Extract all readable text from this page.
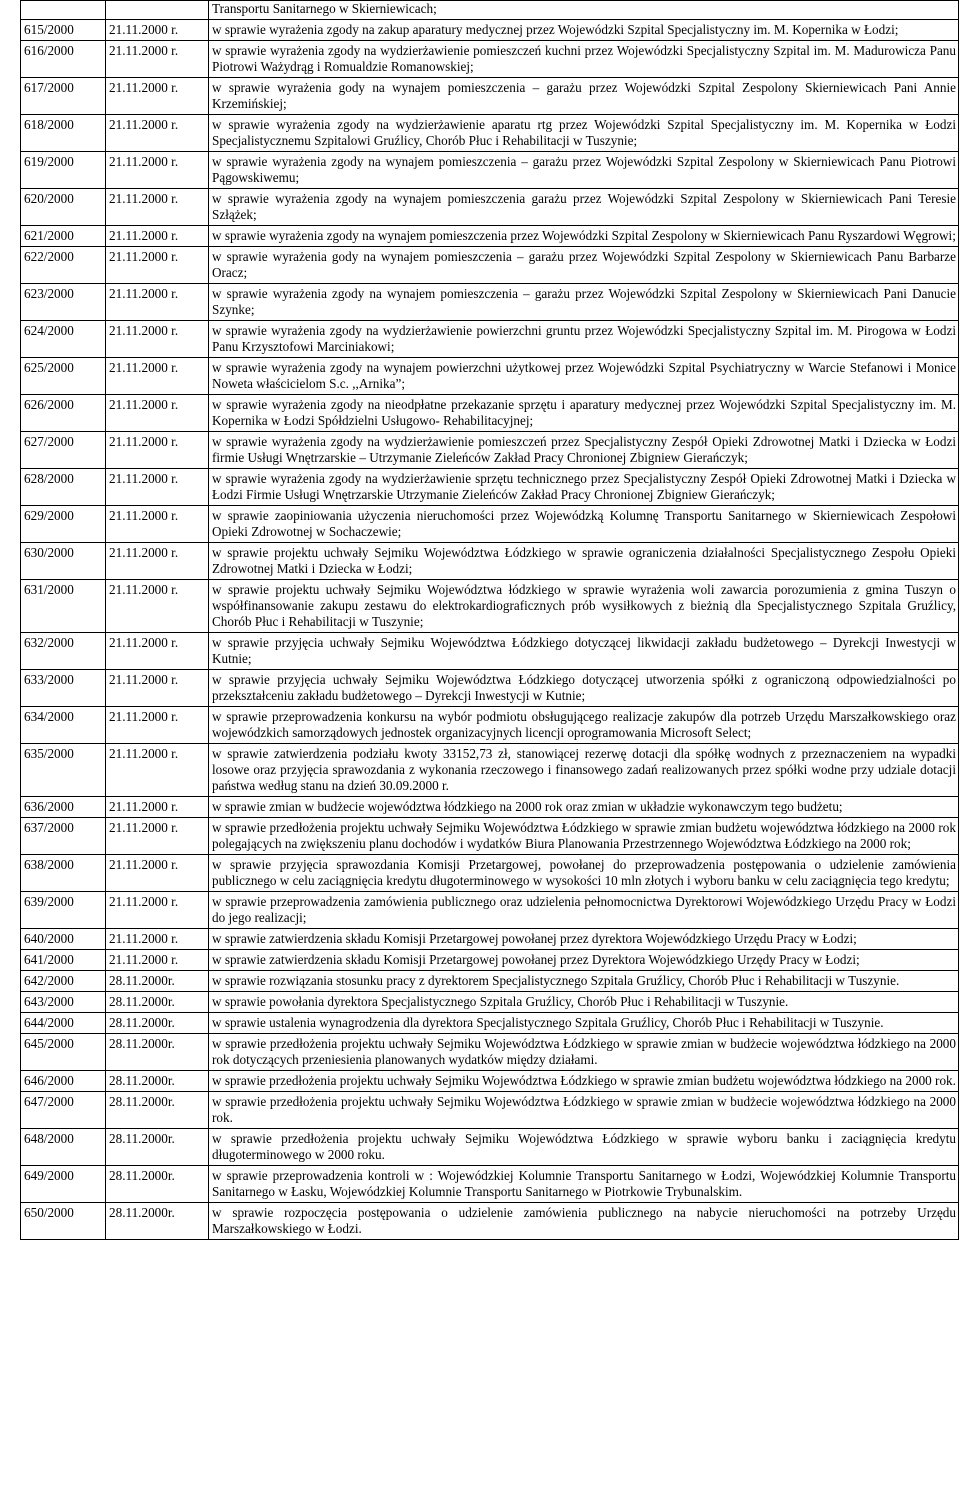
		Transportu Sanitarnego w Skierniewicach;
615/2000	21.11.2000 r.	w sprawie wyrażenia zgody na zakup aparatury medycznej przez Wojewódzki Szpital Specjalistyczny im. M. Kopernika w Łodzi;
616/2000	21.11.2000 r.	w sprawie wyrażenia zgody na wydzierżawienie pomieszczeń kuchni przez Wojewódzki Specjalistyczny Szpital im. M. Madurowicza Panu Piotrowi Ważydrąg i Romualdzie Romanowskiej;
617/2000	21.11.2000 r.	w sprawie wyrażenia gody na wynajem pomieszczenia – garażu przez Wojewódzki Szpital Zespolony Skierniewicach Pani Annie Krzemińskiej;
618/2000	21.11.2000 r.	w sprawie wyrażenia zgody na wydzierżawienie aparatu rtg przez Wojewódzki Szpital Specjalistyczny im. M. Kopernika w Łodzi Specjalistycznemu Szpitalowi Gruźlicy, Chorób Płuc i Rehabilitacji w Tuszynie;
619/2000	21.11.2000 r.	w sprawie wyrażenia zgody na wynajem pomieszczenia – garażu przez Wojewódzki Szpital Zespolony w Skierniewicach Panu Piotrowi Pągowskiwemu;
620/2000	21.11.2000 r.	w sprawie wyrażenia zgody na wynajem pomieszczenia garażu przez Wojewódzki Szpital Zespolony w Skierniewicach Pani Teresie Szłążek;
621/2000	21.11.2000 r.	w sprawie wyrażenia zgody na wynajem pomieszczenia przez Wojewódzki Szpital Zespolony w Skierniewicach Panu Ryszardowi Węgrowi;
622/2000	21.11.2000 r.	w sprawie wyrażenia gody na wynajem pomieszczenia – garażu przez Wojewódzki Szpital Zespolony w Skierniewicach Panu Barbarze Oracz;
623/2000	21.11.2000 r.	w sprawie wyrażenia zgody na wynajem pomieszczenia – garażu przez Wojewódzki Szpital Zespolony w Skierniewicach Pani Danucie Szynke;
624/2000	21.11.2000 r.	w sprawie wyrażenia zgody na wydzierżawienie powierzchni gruntu przez Wojewódzki Specjalistyczny Szpital im. M. Pirogowa w Łodzi Panu Krzysztofowi Marciniakowi;
625/2000	21.11.2000 r.	w sprawie wyrażenia zgody na wynajem powierzchni użytkowej przez Wojewódzki Szpital Psychiatryczny w Warcie Stefanowi i Monice Noweta właścicielom S.c. ,,Arnika”;
626/2000	21.11.2000 r.	w sprawie wyrażenia zgody na nieodpłatne przekazanie sprzętu i aparatury medycznej przez Wojewódzki Szpital Specjalistyczny im. M. Kopernika w Łodzi Spółdzielni Usługowo- Rehabilitacyjnej;
627/2000	21.11.2000 r.	w sprawie wyrażenia zgody na wydzierżawienie pomieszczeń przez Specjalistyczny Zespół Opieki Zdrowotnej Matki i Dziecka w Łodzi firmie Usługi Wnętrzarskie – Utrzymanie Zieleńców Zakład Pracy Chronionej Zbigniew Gierańczyk;
628/2000	21.11.2000 r.	w sprawie wyrażenia zgody na wydzierżawienie sprzętu technicznego przez Specjalistyczny Zespół Opieki Zdrowotnej Matki i Dziecka w Łodzi Firmie Usługi Wnętrzarskie Utrzymanie Zieleńców Zakład Pracy Chronionej Zbigniew Gierańczyk;
629/2000	21.11.2000 r.	w sprawie zaopiniowania użyczenia nieruchomości przez Wojewódzką Kolumnę Transportu Sanitarnego w Skierniewicach Zespołowi Opieki Zdrowotnej w Sochaczewie;
630/2000	21.11.2000 r.	w sprawie projektu uchwały Sejmiku Województwa Łódzkiego w sprawie ograniczenia działalności Specjalistycznego Zespołu Opieki Zdrowotnej Matki i Dziecka w Łodzi;
631/2000	21.11.2000 r.	w sprawie projektu uchwały Sejmiku Województwa łódzkiego w sprawie wyrażenia woli zawarcia porozumienia z gmina Tuszyn o współfinansowanie zakupu zestawu do elektrokardiograficznych prób wysiłkowych z bieżnią dla Specjalistycznego Szpitala Gruźlicy, Chorób Płuc i Rehabilitacji w Tuszynie;
632/2000	21.11.2000 r.	w sprawie przyjęcia uchwały Sejmiku Województwa Łódzkiego dotyczącej likwidacji zakładu budżetowego – Dyrekcji Inwestycji w Kutnie;
633/2000	21.11.2000 r.	w sprawie przyjęcia uchwały Sejmiku Województwa Łódzkiego dotyczącej utworzenia spółki z ograniczoną odpowiedzialności po przekształceniu zakładu budżetowego – Dyrekcji Inwestycji w Kutnie;
634/2000	21.11.2000 r.	w sprawie przeprowadzenia konkursu na wybór podmiotu obsługującego realizacje zakupów dla potrzeb Urzędu Marszałkowskiego oraz wojewódzkich samorządowych jednostek organizacyjnych licencji oprogramowania Microsoft Select;
635/2000	21.11.2000 r.	w sprawie zatwierdzenia podziału kwoty 33152,73 zł, stanowiącej rezerwę dotacji dla spółkę wodnych z przeznaczeniem na wypadki losowe oraz przyjęcia sprawozdania z wykonania rzeczowego i finansowego zadań realizowanych przez spółki wodne przy udziale dotacji państwa według stanu na dzień 30.09.2000 r.
636/2000	21.11.2000 r.	w sprawie zmian w budżecie województwa łódzkiego na 2000 rok oraz zmian w układzie wykonawczym tego budżetu;
637/2000	21.11.2000 r.	w sprawie przedłożenia projektu uchwały Sejmiku Województwa Łódzkiego w sprawie zmian budżetu województwa łódzkiego na 2000 rok polegających na zwiększeniu planu dochodów i wydatków Biura Planowania Przestrzennego Województwa Łódzkiego na 2000 rok;
638/2000	21.11.2000 r.	w sprawie przyjęcia sprawozdania Komisji Przetargowej, powołanej do przeprowadzenia postępowania o udzielenie zamówienia publicznego w celu zaciągnięcia kredytu długoterminowego w wysokości 10 mln złotych i wyboru banku w celu zaciągnięcia tego kredytu;
639/2000	21.11.2000 r.	w sprawie przeprowadzenia zamówienia publicznego oraz udzielenia pełnomocnictwa Dyrektorowi Wojewódzkiego Urzędu Pracy w Łodzi do jego realizacji;
640/2000	21.11.2000 r.	w sprawie zatwierdzenia składu Komisji Przetargowej powołanej przez dyrektora Wojewódzkiego Urzędu Pracy w Łodzi;
641/2000	21.11.2000 r.	w sprawie zatwierdzenia składu Komisji Przetargowej powołanej przez Dyrektora Wojewódzkiego Urzędy Pracy w Łodzi;
642/2000	28.11.2000r.	w sprawie rozwiązania stosunku pracy z dyrektorem Specjalistycznego Szpitala Gruźlicy, Chorób Płuc i Rehabilitacji w Tuszynie.
643/2000	28.11.2000r.	w sprawie powołania dyrektora Specjalistycznego Szpitala Gruźlicy, Chorób Płuc i Rehabilitacji w Tuszynie.
644/2000	28.11.2000r.	w sprawie ustalenia wynagrodzenia dla dyrektora Specjalistycznego Szpitala Gruźlicy, Chorób Płuc i Rehabilitacji w Tuszynie.
645/2000	28.11.2000r.	w sprawie przedłożenia projektu uchwały Sejmiku Województwa Łódzkiego w sprawie zmian w budżecie województwa łódzkiego na 2000 rok dotyczących przeniesienia planowanych wydatków między działami.
646/2000	28.11.2000r.	w sprawie przedłożenia projektu uchwały Sejmiku Województwa Łódzkiego w sprawie zmian budżetu województwa łódzkiego na 2000 rok.
647/2000	28.11.2000r.	w sprawie przedłożenia projektu uchwały Sejmiku Województwa Łódzkiego w sprawie zmian w budżecie województwa łódzkiego na 2000 rok.
648/2000	28.11.2000r.	w sprawie przedłożenia projektu uchwały Sejmiku Województwa Łódzkiego w sprawie wyboru banku i zaciągnięcia kredytu długoterminowego w 2000 roku.
649/2000	28.11.2000r.	w sprawie przeprowadzenia kontroli w : Wojewódzkiej Kolumnie Transportu Sanitarnego w Łodzi, Wojewódzkiej Kolumnie Transportu Sanitarnego w Łasku, Wojewódzkiej Kolumnie Transportu Sanitarnego w Piotrkowie Trybunalskim.
650/2000	28.11.2000r.	w sprawie rozpoczęcia postępowania o udzielenie zamówienia publicznego na nabycie nieruchomości na potrzeby Urzędu Marszałkowskiego w Łodzi.
